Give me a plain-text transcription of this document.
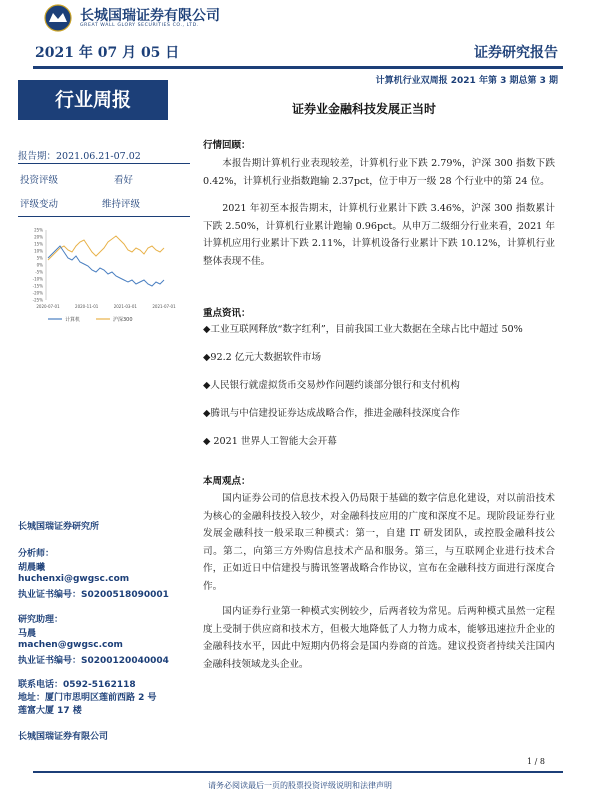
长城国瑞证券有限公司
GREAT WALL GLORY SECURITIES CO., LTD.
2021 年 07 月 05 日	证券研究报告
计算机行业双周报 2021 年第 3 期总第 3 期
行业周报	证券业金融科技发展正当时
报告期：2021.06.21-07.02
投资评级	看好
评级变动	维持评级
25%
20%
15%
10%
5%
0%
-5%
-10%
-15%
-20%
-25%
2020-07-01	2020-11-01	2021-03-01	2021-07-01
计算机	沪深300
长城国瑞证券研究所
分析师：
胡晨曦
huchenxi@gwgsc.com
执业证书编号：S0200518090001
研究助理：
马晨
machen@gwgsc.com
执业证书编号：S0200120040004
联系电话：0592-5162118
地址：厦门市思明区莲前西路 2 号
莲富大厦 17 楼
长城国瑞证券有限公司
行情回顾：

本报告期计算机行业表现较差，计算机行业下跌 2.79%，沪深 300 指数下跌 0.42%，计算机行业指数跑输 2.37pct，位于申万一级 28 个行业中的第 24 位。

2021 年初至本报告期末，计算机行业累计下跌 3.46%，沪深 300 指数累计下跌 2.50%，计算机行业累计跑输 0.96pct。从申万二级细分行业来看，2021 年计算机应用行业累计下跌 2.11%，计算机设备行业累计下跌 10.12%，计算机行业整体表现不佳。

重点资讯：
◆工业互联网释放“数字红利”，目前我国工业大数据在全球占比中超过 50%
◆92.2 亿元大数据软件市场
◆人民银行就虚拟货币交易炒作问题约谈部分银行和支付机构
◆腾讯与中信建投证券达成战略合作，推进金融科技深度合作
◆ 2021 世界人工智能大会开幕
本周观点：

国内证券公司的信息技术投入仍局限于基础的数字信息化建设，对以前沿技术为核心的金融科技投入较少，对金融科技应用的广度和深度不足。现阶段证券行业发展金融科技一般采取三种模式：第一，自建 IT 研发团队，或控股金融科技公司。第二，向第三方外购信息技术产品和服务。第三，与互联网企业进行技术合作，正如近日中信建投与腾讯签署战略合作协议，宣布在金融科技方面进行深度合作。

国内证券行业第一种模式实例较少，后两者较为常见。后两种模式虽然一定程度上受制于供应商和技术方，但极大地降低了人力物力成本，能够迅速拉升企业的金融科技水平，因此中短期内仍将会是国内券商的首选。建议投资者持续关注国内金融科技领域龙头企业。

1 / 8
请务必阅读最后一页的股票投资评级说明和法律声明
